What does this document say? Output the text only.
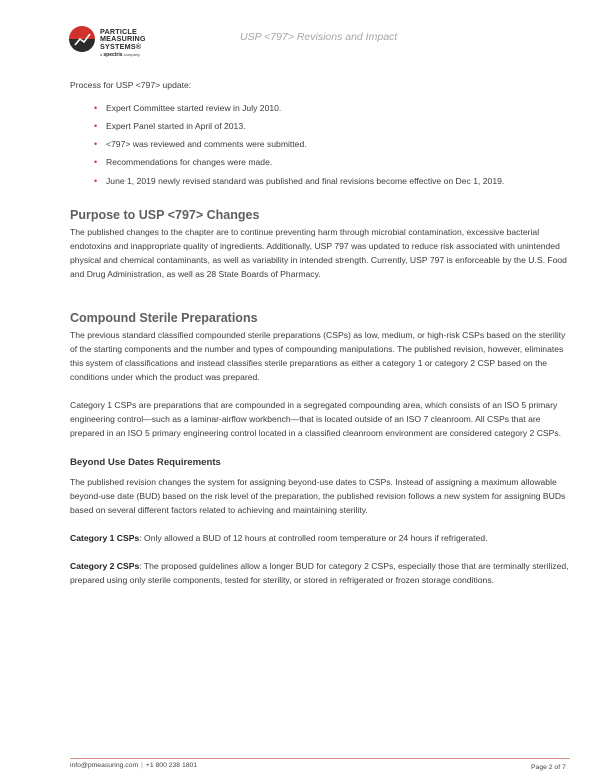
PARTICLE
MEASURING
SYSTEMS®
a spectris company
USP <797> Revisions and Impact

Process for USP <797> update:

• Expert Committee started review in July 2010.
• Expert Panel started in April of 2013.
• <797> was reviewed and comments were submitted.
• Recommendations for changes were made.
• June 1, 2019 newly revised standard was published and final revisions become effective on Dec 1, 2019.
Purpose to USP <797> Changes

The published changes to the chapter are to continue preventing harm through microbial contamination, excessive bacterial endotoxins and inappropriate quality of ingredients. Additionally, USP 797 was updated to reduce risk associated with unintended physical and chemical contaminants, as well as variability in intended strength. Currently, USP 797 is enforceable by the U.S. Food and Drug Administration, as well as 28 State Boards of Pharmacy.

Compound Sterile Preparations

The previous standard classified compounded sterile preparations (CSPs) as low, medium, or high-risk CSPs based on the sterility of the starting components and the number and types of compounding manipulations. The published revision, however, eliminates this system of classifications and instead classifies sterile preparations as either a category 1 or category 2 CSP based on the conditions under which the product was prepared.

Category 1 CSPs are preparations that are compounded in a segregated compounding area, which consists of an ISO 5 primary engineering control—such as a laminar-airflow workbench—that is located outside of an ISO 7 cleanroom. All CSPs that are prepared in an ISO 5 primary engineering control located in a classified cleanroom environment are considered category 2 CSPs.

Beyond Use Dates Requirements

The published revision changes the system for assigning beyond-use dates to CSPs. Instead of assigning a maximum allowable beyond-use date (BUD) based on the risk level of the preparation, the published revision follows a new system for assigning BUDs based on several different factors related to achieving and maintaining sterility.

Category 1 CSPs: Only allowed a BUD of 12 hours at controlled room temperature or 24 hours if refrigerated.

Category 2 CSPs: The proposed guidelines allow a longer BUD for category 2 CSPs, especially those that are terminally sterilized, prepared using only sterile components, tested for sterility, or stored in refrigerated or frozen storage conditions.

info@pmeasuring.com | +1 800 238 1801	Page 2 of 7
